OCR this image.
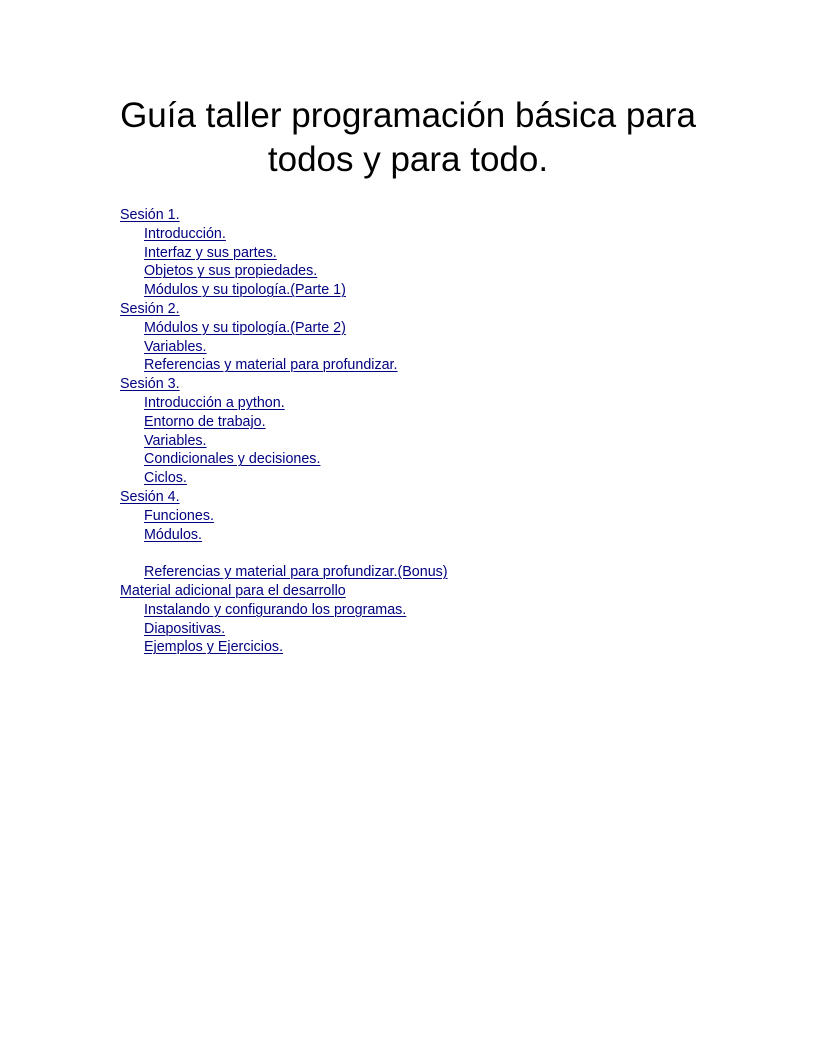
Guía taller programación básica para
todos y para todo.
Sesión 1.
Introducción.
Interfaz y sus partes.
Objetos y sus propiedades.
Módulos y su tipología.(Parte 1)
Sesión 2.
Módulos y su tipología.(Parte 2)
Variables.
Referencias y material para profundizar.
Sesión 3.
Introducción a python.
Entorno de trabajo.
Variables.
Condicionales y decisiones.
Ciclos.
Sesión 4.
Funciones.
Módulos.
Referencias y material para profundizar.(Bonus)
Material adicional para el desarrollo
Instalando y configurando los programas.
Diapositivas.
Ejemplos y Ejercicios.
